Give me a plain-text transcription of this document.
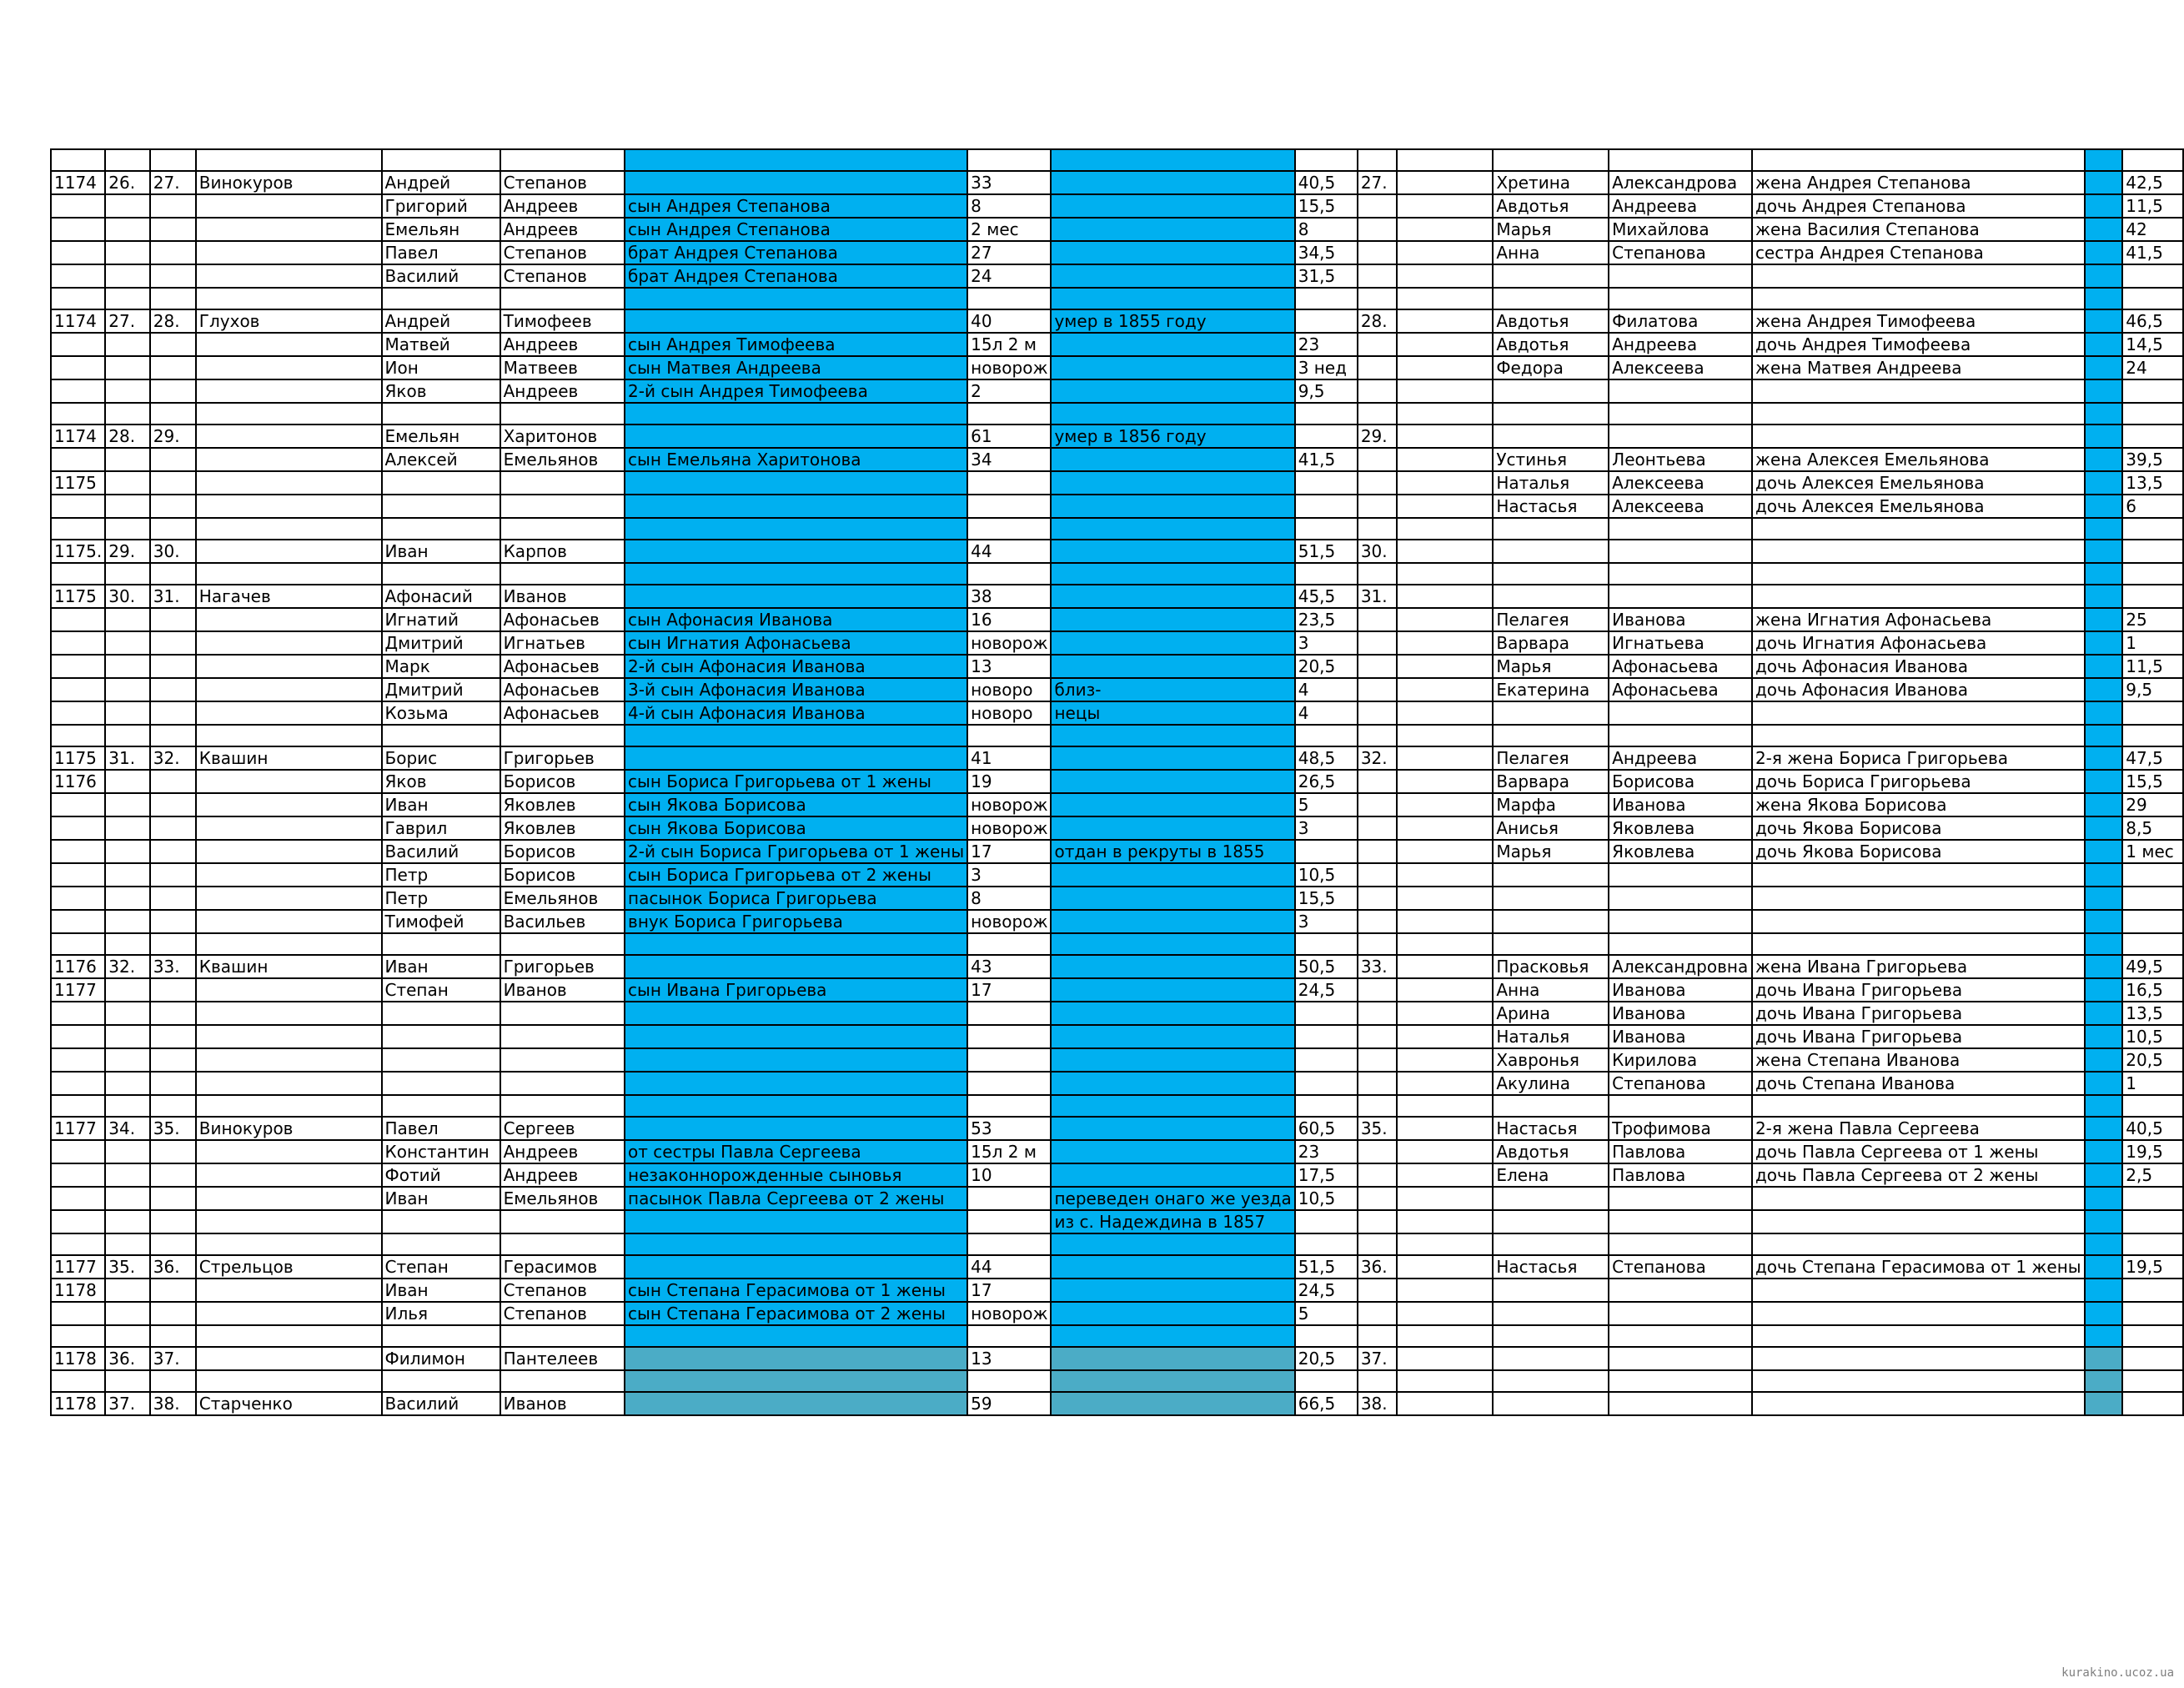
1174	26.	27.	Винокуров	Андрей	Степанов		33		40,5	27.		Хретина	Александрова	жена Андрея Степанова		42,5
				Григорий	Андреев	сын Андрея Степанова	8		15,5			Авдотья	Андреева	дочь Андрея Степанова		11,5
				Емельян	Андреев	сын Андрея Степанова	2 мес		8			Марья	Михайлова	жена Василия Степанова		42
				Павел	Степанов	брат Андрея Степанова	27		34,5			Анна	Степанова	сестра Андрея Степанова		41,5
				Василий	Степанов	брат Андрея Степанова	24		31,5							

1174	27.	28.	Глухов	Андрей	Тимофеев		40	умер в 1855 году		28.		Авдотья	Филатова	жена Андрея Тимофеева		46,5
				Матвей	Андреев	сын Андрея Тимофеева	15л 2 м		23			Авдотья	Андреева	дочь Андрея Тимофеева		14,5
				Ион	Матвеев	сын Матвея Андреева	новорож		3 нед			Федора	Алексеева	жена Матвея Андреева		24
				Яков	Андреев	2-й сын Андрея Тимофеева	2		9,5							

1174	28.	29.		Емельян	Харитонов		61	умер в 1856 году		29.						
				Алексей	Емельянов	сын Емельяна Харитонова	34		41,5			Устинья	Леонтьева	жена Алексея Емельянова		39,5
1175												Наталья	Алексеева	дочь Алексея Емельянова		13,5
												Настасья	Алексеева	дочь Алексея Емельянова		6

1175.	29.	30.		Иван	Карпов		44		51,5	30.						

1175	30.	31.	Нагачев	Афонасий	Иванов		38		45,5	31.						
				Игнатий	Афонасьев	сын Афонасия Иванова	16		23,5			Пелагея	Иванова	жена Игнатия Афонасьева		25
				Дмитрий	Игнатьев	сын Игнатия Афонасьева	новорож		3			Варвара	Игнатьева	дочь Игнатия Афонасьева		1
				Марк	Афонасьев	2-й сын Афонасия Иванова	13		20,5			Марья	Афонасьева	дочь Афонасия Иванова		11,5
				Дмитрий	Афонасьев	3-й сын Афонасия Иванова	новоро	близ-	4			Екатерина	Афонасьева	дочь Афонасия Иванова		9,5
				Козьма	Афонасьев	4-й сын Афонасия Иванова	новоро	нецы	4							

1175	31.	32.	Квашин	Борис	Григорьев		41		48,5	32.		Пелагея	Андреева	2-я жена Бориса Григорьева		47,5
1176				Яков	Борисов	сын Бориса Григорьева от 1 жены	19		26,5			Варвара	Борисова	дочь Бориса Григорьева		15,5
				Иван	Яковлев	сын Якова Борисова	новорож		5			Марфа	Иванова	жена Якова Борисова		29
				Гаврил	Яковлев	сын Якова Борисова	новорож		3			Анисья	Яковлева	дочь Якова Борисова		8,5
				Василий	Борисов	2-й сын Бориса Григорьева от 1 жены	17	отдан в рекруты в 1855				Марья	Яковлева	дочь Якова Борисова		1 мес
				Петр	Борисов	сын Бориса Григорьева от 2 жены	3		10,5							
				Петр	Емельянов	пасынок Бориса Григорьева	8		15,5							
				Тимофей	Васильев	внук Бориса Григорьева	новорож		3							

1176	32.	33.	Квашин	Иван	Григорьев		43		50,5	33.		Прасковья	Александровна	жена Ивана Григорьева		49,5
1177				Степан	Иванов	сын Ивана Григорьева	17		24,5			Анна	Иванова	дочь Ивана Григорьева		16,5
												Арина	Иванова	дочь Ивана Григорьева		13,5
												Наталья	Иванова	дочь Ивана Григорьева		10,5
												Хавронья	Кирилова	жена Степана Иванова		20,5
												Акулина	Степанова	дочь Степана Иванова		1

1177	34.	35.	Винокуров	Павел	Сергеев		53		60,5	35.		Настасья	Трофимова	2-я жена Павла Сергеева		40,5
				Константин	Андреев	от сестры Павла Сергеева	15л 2 м		23			Авдотья	Павлова	дочь Павла Сергеева от 1 жены		19,5
				Фотий	Андреев	незаконнорожденные сыновья	10		17,5			Елена	Павлова	дочь Павла Сергеева от 2 жены		2,5
				Иван	Емельянов	пасынок Павла Сергеева от 2 жены		переведен онаго же уезда	10,5							
								из с. Надеждина в 1857								

1177	35.	36.	Стрельцов	Степан	Герасимов		44		51,5	36.		Настасья	Степанова	дочь Степана Герасимова от 1 жены		19,5
1178				Иван	Степанов	сын Степана Герасимова от 1 жены	17		24,5							
				Илья	Степанов	сын Степана Герасимова от 2 жены	новорож		5							

1178	36.	37.		Филимон	Пантелеев		13		20,5	37.						

1178	37.	38.	Старченко	Василий	Иванов		59		66,5	38.						
kurakino.ucoz.ua
